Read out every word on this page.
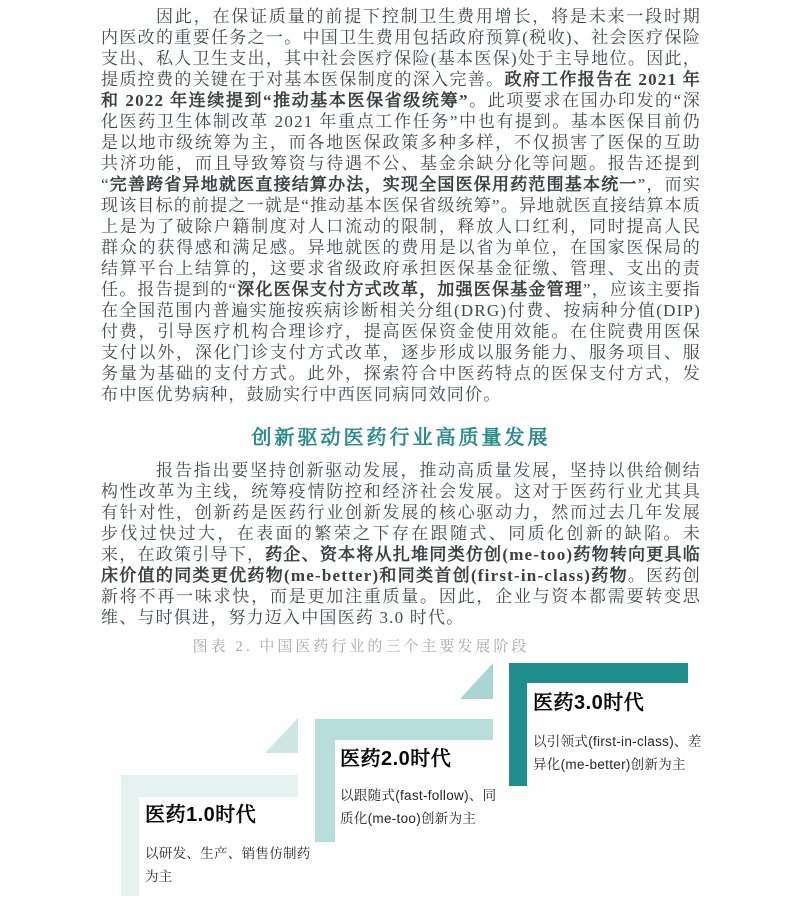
因此，在保证质量的前提下控制卫生费用增长，将是未来一段时期内医改的重要任务之一。中国卫生费用包括政府预算(税收)、社会医疗保险支出、私人卫生支出，其中社会医疗保险(基本医保)处于主导地位。因此，提质控费的关键在于对基本医保制度的深入完善。政府工作报告在 2021 年和 2022 年连续提到“推动基本医保省级统筹”。此项要求在国办印发的“深化医药卫生体制改革 2021 年重点工作任务”中也有提到。基本医保目前仍是以地市级统筹为主，而各地医保政策多种多样，不仅损害了医保的互助共济功能，而且导致筹资与待遇不公、基金余缺分化等问题。报告还提到“完善跨省异地就医直接结算办法，实现全国医保用药范围基本统一”，而实现该目标的前提之一就是“推动基本医保省级统筹”。异地就医直接结算本质上是为了破除户籍制度对人口流动的限制，释放人口红利，同时提高人民群众的获得感和满足感。异地就医的费用是以省为单位，在国家医保局的结算平台上结算的，这要求省级政府承担医保基金征缴、管理、支出的责任。报告提到的“深化医保支付方式改革，加强医保基金管理”，应该主要指在全国范围内普遍实施按疾病诊断相关分组(DRG)付费、按病种分值(DIP)付费，引导医疗机构合理诊疗，提高医保资金使用效能。在住院费用医保支付以外，深化门诊支付方式改革，逐步形成以服务能力、服务项目、服务量为基础的支付方式。此外，探索符合中医药特点的医保支付方式，发布中医优势病种，鼓励实行中西医同病同效同价。

创新驱动医药行业高质量发展

报告指出要坚持创新驱动发展，推动高质量发展，坚持以供给侧结构性改革为主线，统筹疫情防控和经济社会发展。这对于医药行业尤其具有针对性，创新药是医药行业创新发展的核心驱动力，然而过去几年发展步伐过快过大，在表面的繁荣之下存在跟随式、同质化创新的缺陷。未来，在政策引导下，药企、资本将从扎堆同类仿创(me-too)药物转向更具临床价值的同类更优药物(me-better)和同类首创(first-in-class)药物。医药创新将不再一味求快，而是更加注重质量。因此，企业与资本都需要转变思维、与时俱进，努力迈入中国医药 3.0 时代。

图表 2. 中国医药行业的三个主要发展阶段
医药1.0时代
以研发、生产、销售仿制药
为主
医药2.0时代
以跟随式(fast-follow)、同
质化(me-too)创新为主
医药3.0时代
以引领式(first-in-class)、差
异化(me-better)创新为主
